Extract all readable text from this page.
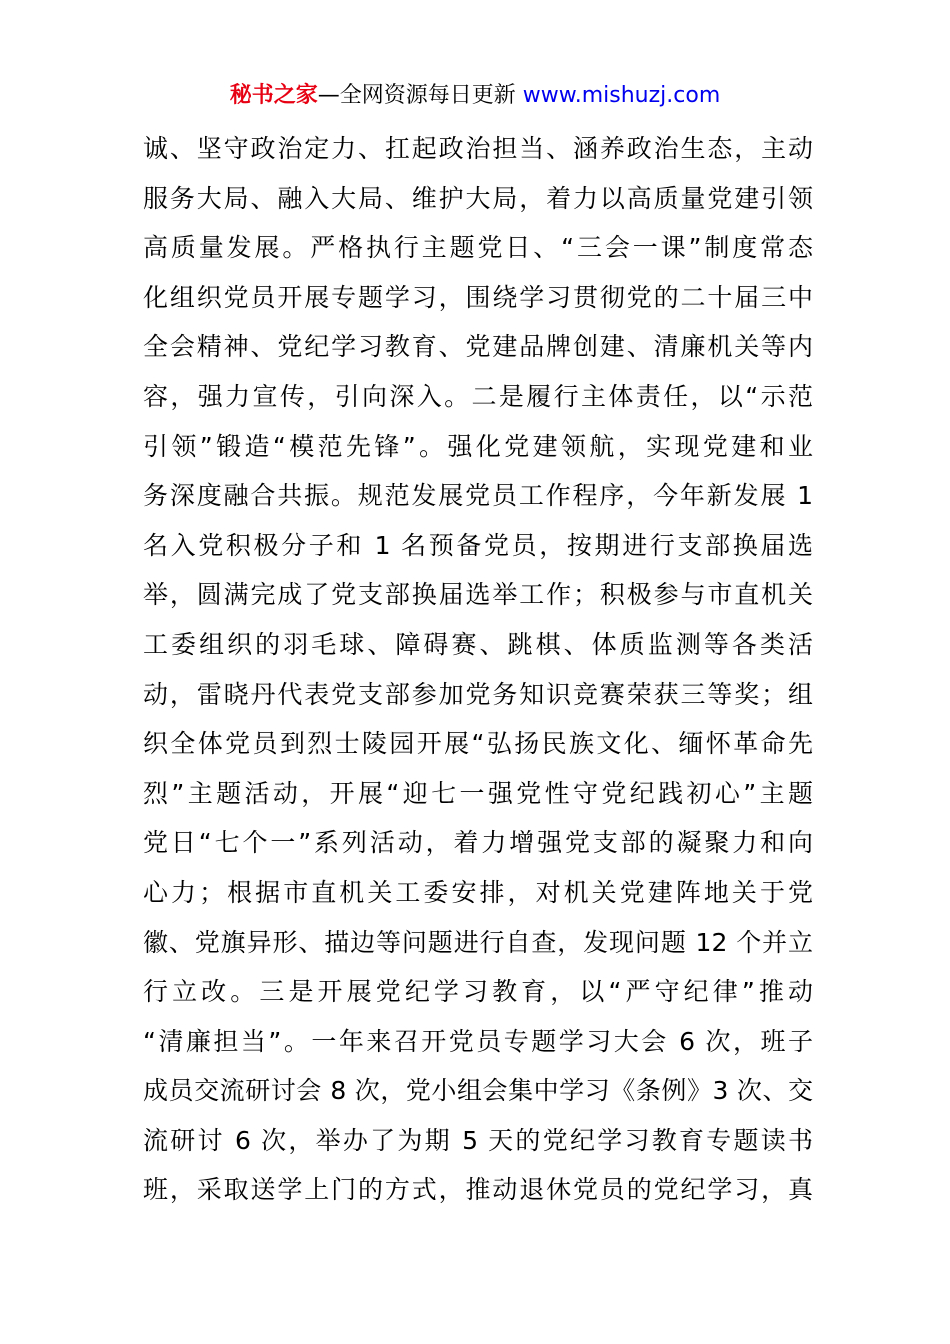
秘书之家—全网资源每日更新 www.mishuzj.com
诚、坚守政治定力、扛起政治担当、涵养政治生态，主动
服务大局、融入大局、维护大局，着力以高质量党建引领
高质量发展。严格执行主题党日、“三会一课”制度常态
化组织党员开展专题学习，围绕学习贯彻党的二十届三中
全会精神、党纪学习教育、党建品牌创建、清廉机关等内
容，强力宣传，引向深入。二是履行主体责任，以“示范
引领”锻造“模范先锋”。强化党建领航，实现党建和业
务深度融合共振。规范发展党员工作程序，今年新发展 1
名入党积极分子和 1 名预备党员，按期进行支部换届选
举，圆满完成了党支部换届选举工作；积极参与市直机关
工委组织的羽毛球、障碍赛、跳棋、体质监测等各类活
动，雷晓丹代表党支部参加党务知识竞赛荣获三等奖；组
织全体党员到烈士陵园开展“弘扬民族文化、缅怀革命先
烈”主题活动，开展“迎七一强党性守党纪践初心”主题
党日“七个一”系列活动，着力增强党支部的凝聚力和向
心力；根据市直机关工委安排，对机关党建阵地关于党
徽、党旗异形、描边等问题进行自查，发现问题 12 个并立
行立改。三是开展党纪学习教育，以“严守纪律”推动
“清廉担当”。一年来召开党员专题学习大会 6 次，班子
成员交流研讨会 8 次，党小组会集中学习《条例》3 次、交
流研讨 6 次，举办了为期 5 天的党纪学习教育专题读书
班，采取送学上门的方式，推动退休党员的党纪学习，真
